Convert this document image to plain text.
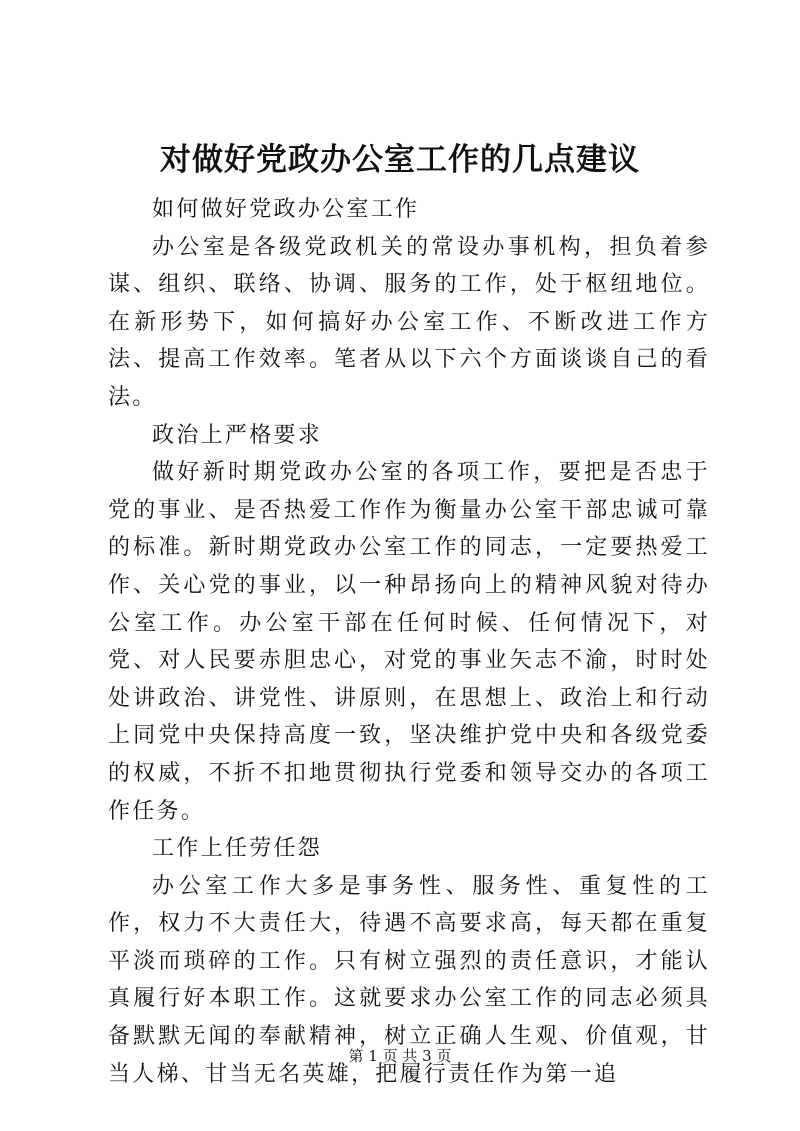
对做好党政办公室工作的几点建议

如何做好党政办公室工作

办公室是各级党政机关的常设办事机构，担负着参谋、组织、联络、协调、服务的工作，处于枢纽地位。在新形势下，如何搞好办公室工作、不断改进工作方法、提高工作效率。笔者从以下六个方面谈谈自己的看法。

政治上严格要求

做好新时期党政办公室的各项工作，要把是否忠于党的事业、是否热爱工作作为衡量办公室干部忠诚可靠的标准。新时期党政办公室工作的同志，一定要热爱工作、关心党的事业，以一种昂扬向上的精神风貌对待办公室工作。办公室干部在任何时候、任何情况下，对党、对人民要赤胆忠心，对党的事业矢志不渝，时时处处讲政治、讲党性、讲原则，在思想上、政治上和行动上同党中央保持高度一致，坚决维护党中央和各级党委的权威，不折不扣地贯彻执行党委和领导交办的各项工作任务。

工作上任劳任怨

办公室工作大多是事务性、服务性、重复性的工作，权力不大责任大，待遇不高要求高，每天都在重复平淡而琐碎的工作。只有树立强烈的责任意识，才能认真履行好本职工作。这就要求办公室工作的同志必须具备默默无闻的奉献精神，树立正确人生观、价值观，甘当人梯、甘当无名英雄，把履行责任作为第一追

第 1 页 共 3 页
